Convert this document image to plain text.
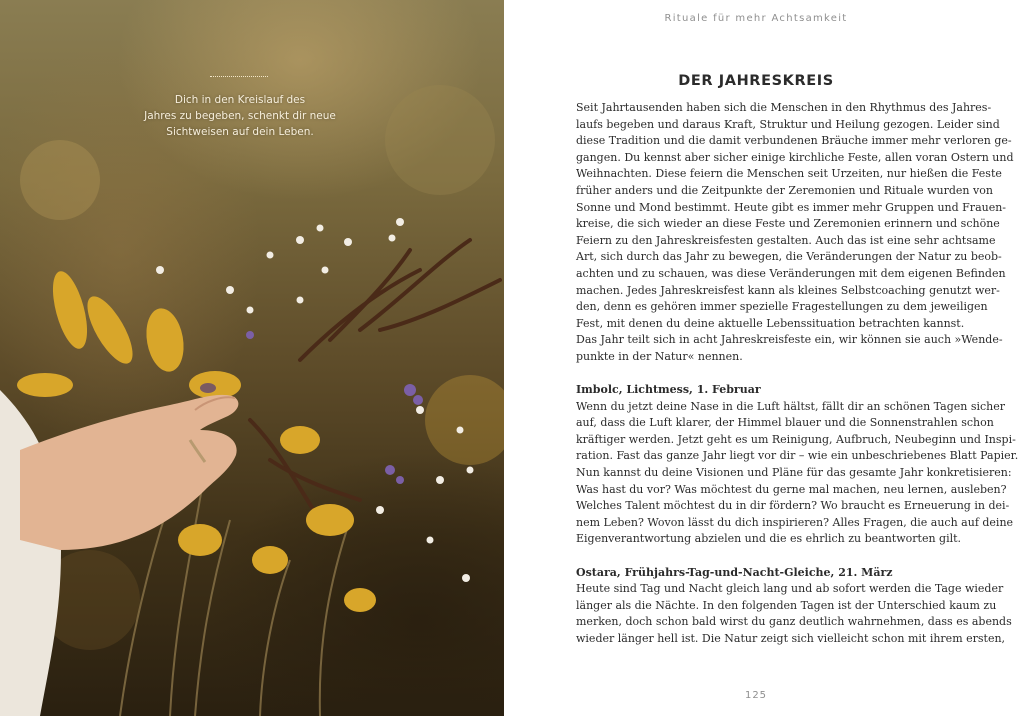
Dich in den Kreislauf des
Jahres zu begeben, schenkt dir neue
Sichtweisen auf dein Leben.
Rituale für mehr Achtsamkeit
DER JAHRESKREIS
Seit Jahrtausenden haben sich die Menschen in den Rhythmus des Jahres-
laufs begeben und daraus Kraft, Struktur und Heilung gezogen. Leider sind
diese Tradition und die damit verbundenen Bräuche immer mehr verloren ge-
gangen. Du kennst aber sicher einige kirchliche Feste, allen voran Ostern und
Weihnachten. Diese feiern die Menschen seit Urzeiten, nur hießen die Feste
früher anders und die Zeitpunkte der Zeremonien und Rituale wurden von
Sonne und Mond bestimmt. Heute gibt es immer mehr Gruppen und Frauen-
kreise, die sich wieder an diese Feste und Zeremonien erinnern und schöne
Feiern zu den Jahreskreisfesten gestalten. Auch das ist eine sehr achtsame
Art, sich durch das Jahr zu bewegen, die Veränderungen der Natur zu beob-
achten und zu schauen, was diese Veränderungen mit dem eigenen Befinden
machen. Jedes Jahreskreisfest kann als kleines Selbstcoaching genutzt wer-
den, denn es gehören immer spezielle Fragestellungen zu dem jeweiligen
Fest, mit denen du deine aktuelle Lebenssituation betrachten kannst.
Das Jahr teilt sich in acht Jahreskreisfeste ein, wir können sie auch »Wende-
punkte in der Natur« nennen.
Imbolc, Lichtmess, 1. Februar
Wenn du jetzt deine Nase in die Luft hältst, fällt dir an schönen Tagen sicher
auf, dass die Luft klarer, der Himmel blauer und die Sonnenstrahlen schon
kräftiger werden. Jetzt geht es um Reinigung, Aufbruch, Neubeginn und Inspi-
ration. Fast das ganze Jahr liegt vor dir – wie ein unbeschriebenes Blatt Papier.
Nun kannst du deine Visionen und Pläne für das gesamte Jahr konkretisieren:
Was hast du vor? Was möchtest du gerne mal machen, neu lernen, ausleben?
Welches Talent möchtest du in dir fördern? Wo braucht es Erneuerung in dei-
nem Leben? Wovon lässt du dich inspirieren? Alles Fragen, die auch auf deine
Eigenverantwortung abzielen und die es ehrlich zu beantworten gilt.
Ostara, Frühjahrs-Tag-und-Nacht-Gleiche, 21. März
Heute sind Tag und Nacht gleich lang und ab sofort werden die Tage wieder
länger als die Nächte. In den folgenden Tagen ist der Unterschied kaum zu
merken, doch schon bald wirst du ganz deutlich wahrnehmen, dass es abends
wieder länger hell ist. Die Natur zeigt sich vielleicht schon mit ihrem ersten,
125
